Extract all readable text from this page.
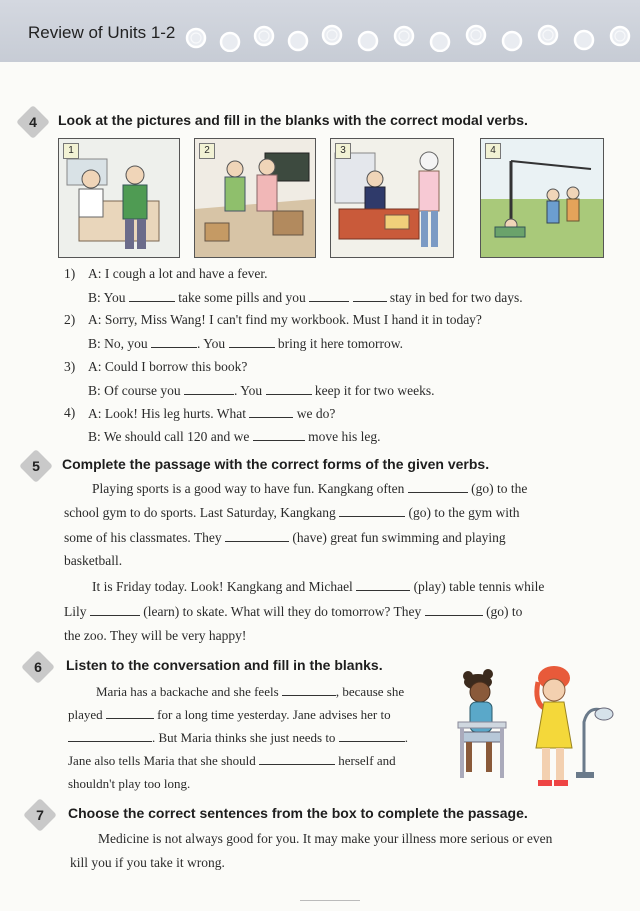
Review of Units 1-2
4	Look at the pictures and fill in the blanks with the correct modal verbs.
1	2	3	4
1) A: I cough a lot and have a fever.
B: You	take some pills and you	stay in bed for two days.
2) A: Sorry, Miss Wang! I can't find my workbook. Must I hand it in today?
B: No, you	. You	bring it here tomorrow.
3) A: Could I borrow this book?
B: Of course you	. You	keep it for two weeks.
4) A: Look! His leg hurts. What	we do?
B: We should call 120 and we	move his leg.
5	Complete the passage with the correct forms of the given verbs.
Playing sports is a good way to have fun. Kangkang often	(go) to the
school gym to do sports. Last Saturday, Kangkang	(go) to the gym with
some of his classmates. They	(have) great fun swimming and playing
basketball.
It is Friday today. Look! Kangkang and Michael	(play) table tennis while
Lily	(learn) to skate. What will they do tomorrow? They	(go) to
the zoo. They will be very happy!
6	Listen to the conversation and fill in the blanks.
Maria has a backache and she feels	, because she
played	for a long time yesterday. Jane advises her to
. But Maria thinks she just needs to	.
Jane also tells Maria that she should	herself and
shouldn't play too long.
7	Choose the correct sentences from the box to complete the passage.
Medicine is not always good for you. It may make your illness more serious or even
kill you if you take it wrong.
